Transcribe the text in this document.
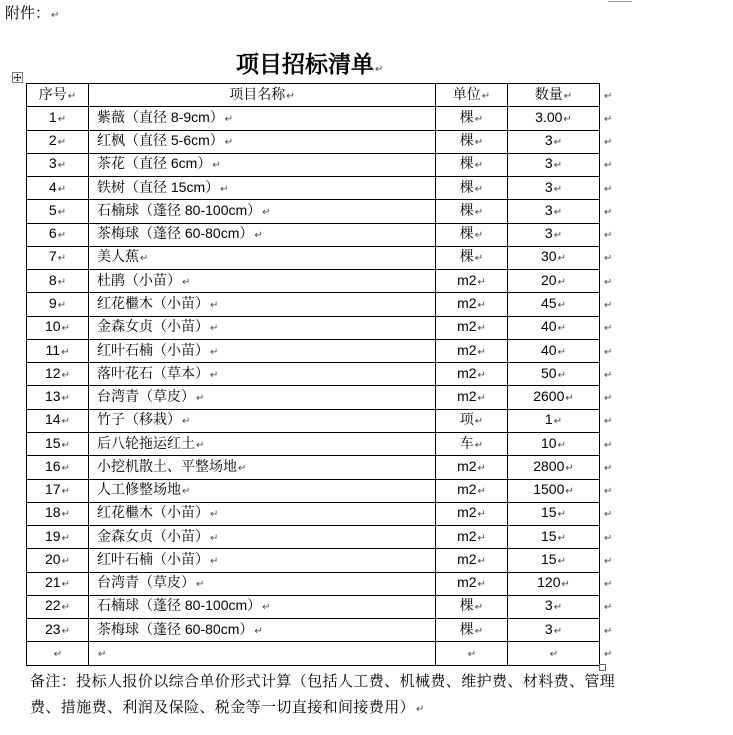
附件：↵
项目招标清单↵
序号↵	项目名称↵	单位↵	数量↵	↵
1↵	紫薇（直径 8-9cm）↵	棵↵	3.00↵	↵
2↵	红枫（直径 5-6cm）↵	棵↵	3↵	↵
3↵	茶花（直径 6cm）↵	棵↵	3↵	↵
4↵	铁树（直径 15cm）↵	棵↵	3↵	↵
5↵	石楠球（蓬径 80-100cm）↵	棵↵	3↵	↵
6↵	茶梅球（蓬径 60-80cm）↵	棵↵	3↵	↵
7↵	美人蕉↵	棵↵	30↵	↵
8↵	杜鹃（小苗）↵	m2↵	20↵	↵
9↵	红花檵木（小苗）↵	m2↵	45↵	↵
10↵	金森女贞（小苗）↵	m2↵	40↵	↵
11↵	红叶石楠（小苗）↵	m2↵	40↵	↵
12↵	落叶花石（草本）↵	m2↵	50↵	↵
13↵	台湾青（草皮）↵	m2↵	2600↵	↵
14↵	竹子（移栽）↵	项↵	1↵	↵
15↵	后八轮拖运红土↵	车↵	10↵	↵
16↵	小挖机散土、平整场地↵	m2↵	2800↵	↵
17↵	人工修整场地↵	m2↵	1500↵	↵
18↵	红花檵木（小苗）↵	m2↵	15↵	↵
19↵	金森女贞（小苗）↵	m2↵	15↵	↵
20↵	红叶石楠（小苗）↵	m2↵	15↵	↵
21↵	台湾青（草皮）↵	m2↵	120↵	↵
22↵	石楠球（蓬径 80-100cm）↵	棵↵	3↵	↵
23↵	茶梅球（蓬径 60-80cm）↵	棵↵	3↵	↵
↵	↵	↵	↵	↵
备注：投标人报价以综合单价形式计算（包括人工费、机械费、维护费、材料费、管理
费、措施费、利润及保险、税金等一切直接和间接费用）↵
